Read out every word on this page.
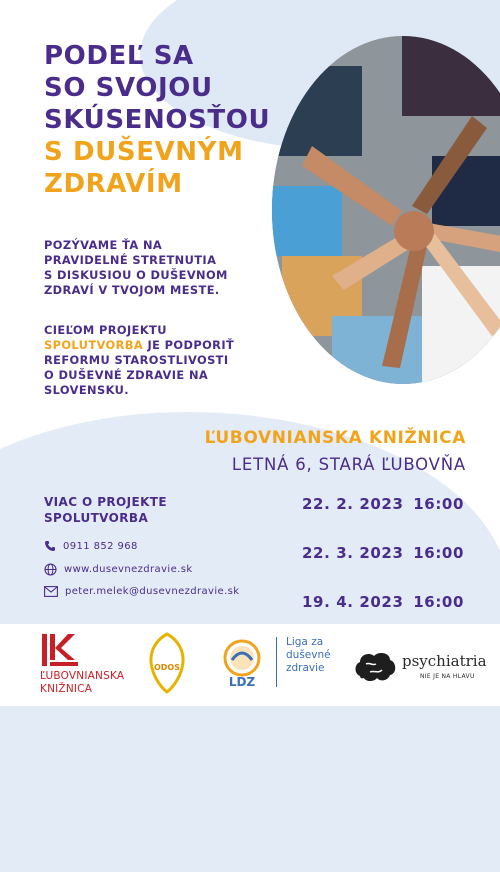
PODEĽ SA
SO SVOJOU
SKÚSENOSŤOU
S DUŠEVNÝM
ZDRAVÍM
POZÝVAME ŤA NA
PRAVIDELNÉ STRETNUTIA
S DISKUSIOU O DUŠEVNOM
ZDRAVÍ V TVOJOM MESTE.
CIEĽOM PROJEKTU
SPOLUTVORBA JE PODPORIŤ
REFORMU STAROSTLIVOSTI
O DUŠEVNÉ ZDRAVIE NA
SLOVENSKU.
ĽUBOVNIANSKA KNIŽNICA
LETNÁ 6, STARÁ ĽUBOVŇA
VIAC O PROJEKTE
SPOLUTVORBA
0911 852 968
www.dusevnezdravie.sk
peter.melek@dusevnezdravie.sk
22. 2. 2023 16:00
22. 3. 2023 16:00
19. 4. 2023 16:00
ĽUBOVNIANSKA
KNIŽNICA
ODOS
LDZ
Liga za
duševné
zdravie	psychiatria
NIE JE NA HLAVU
